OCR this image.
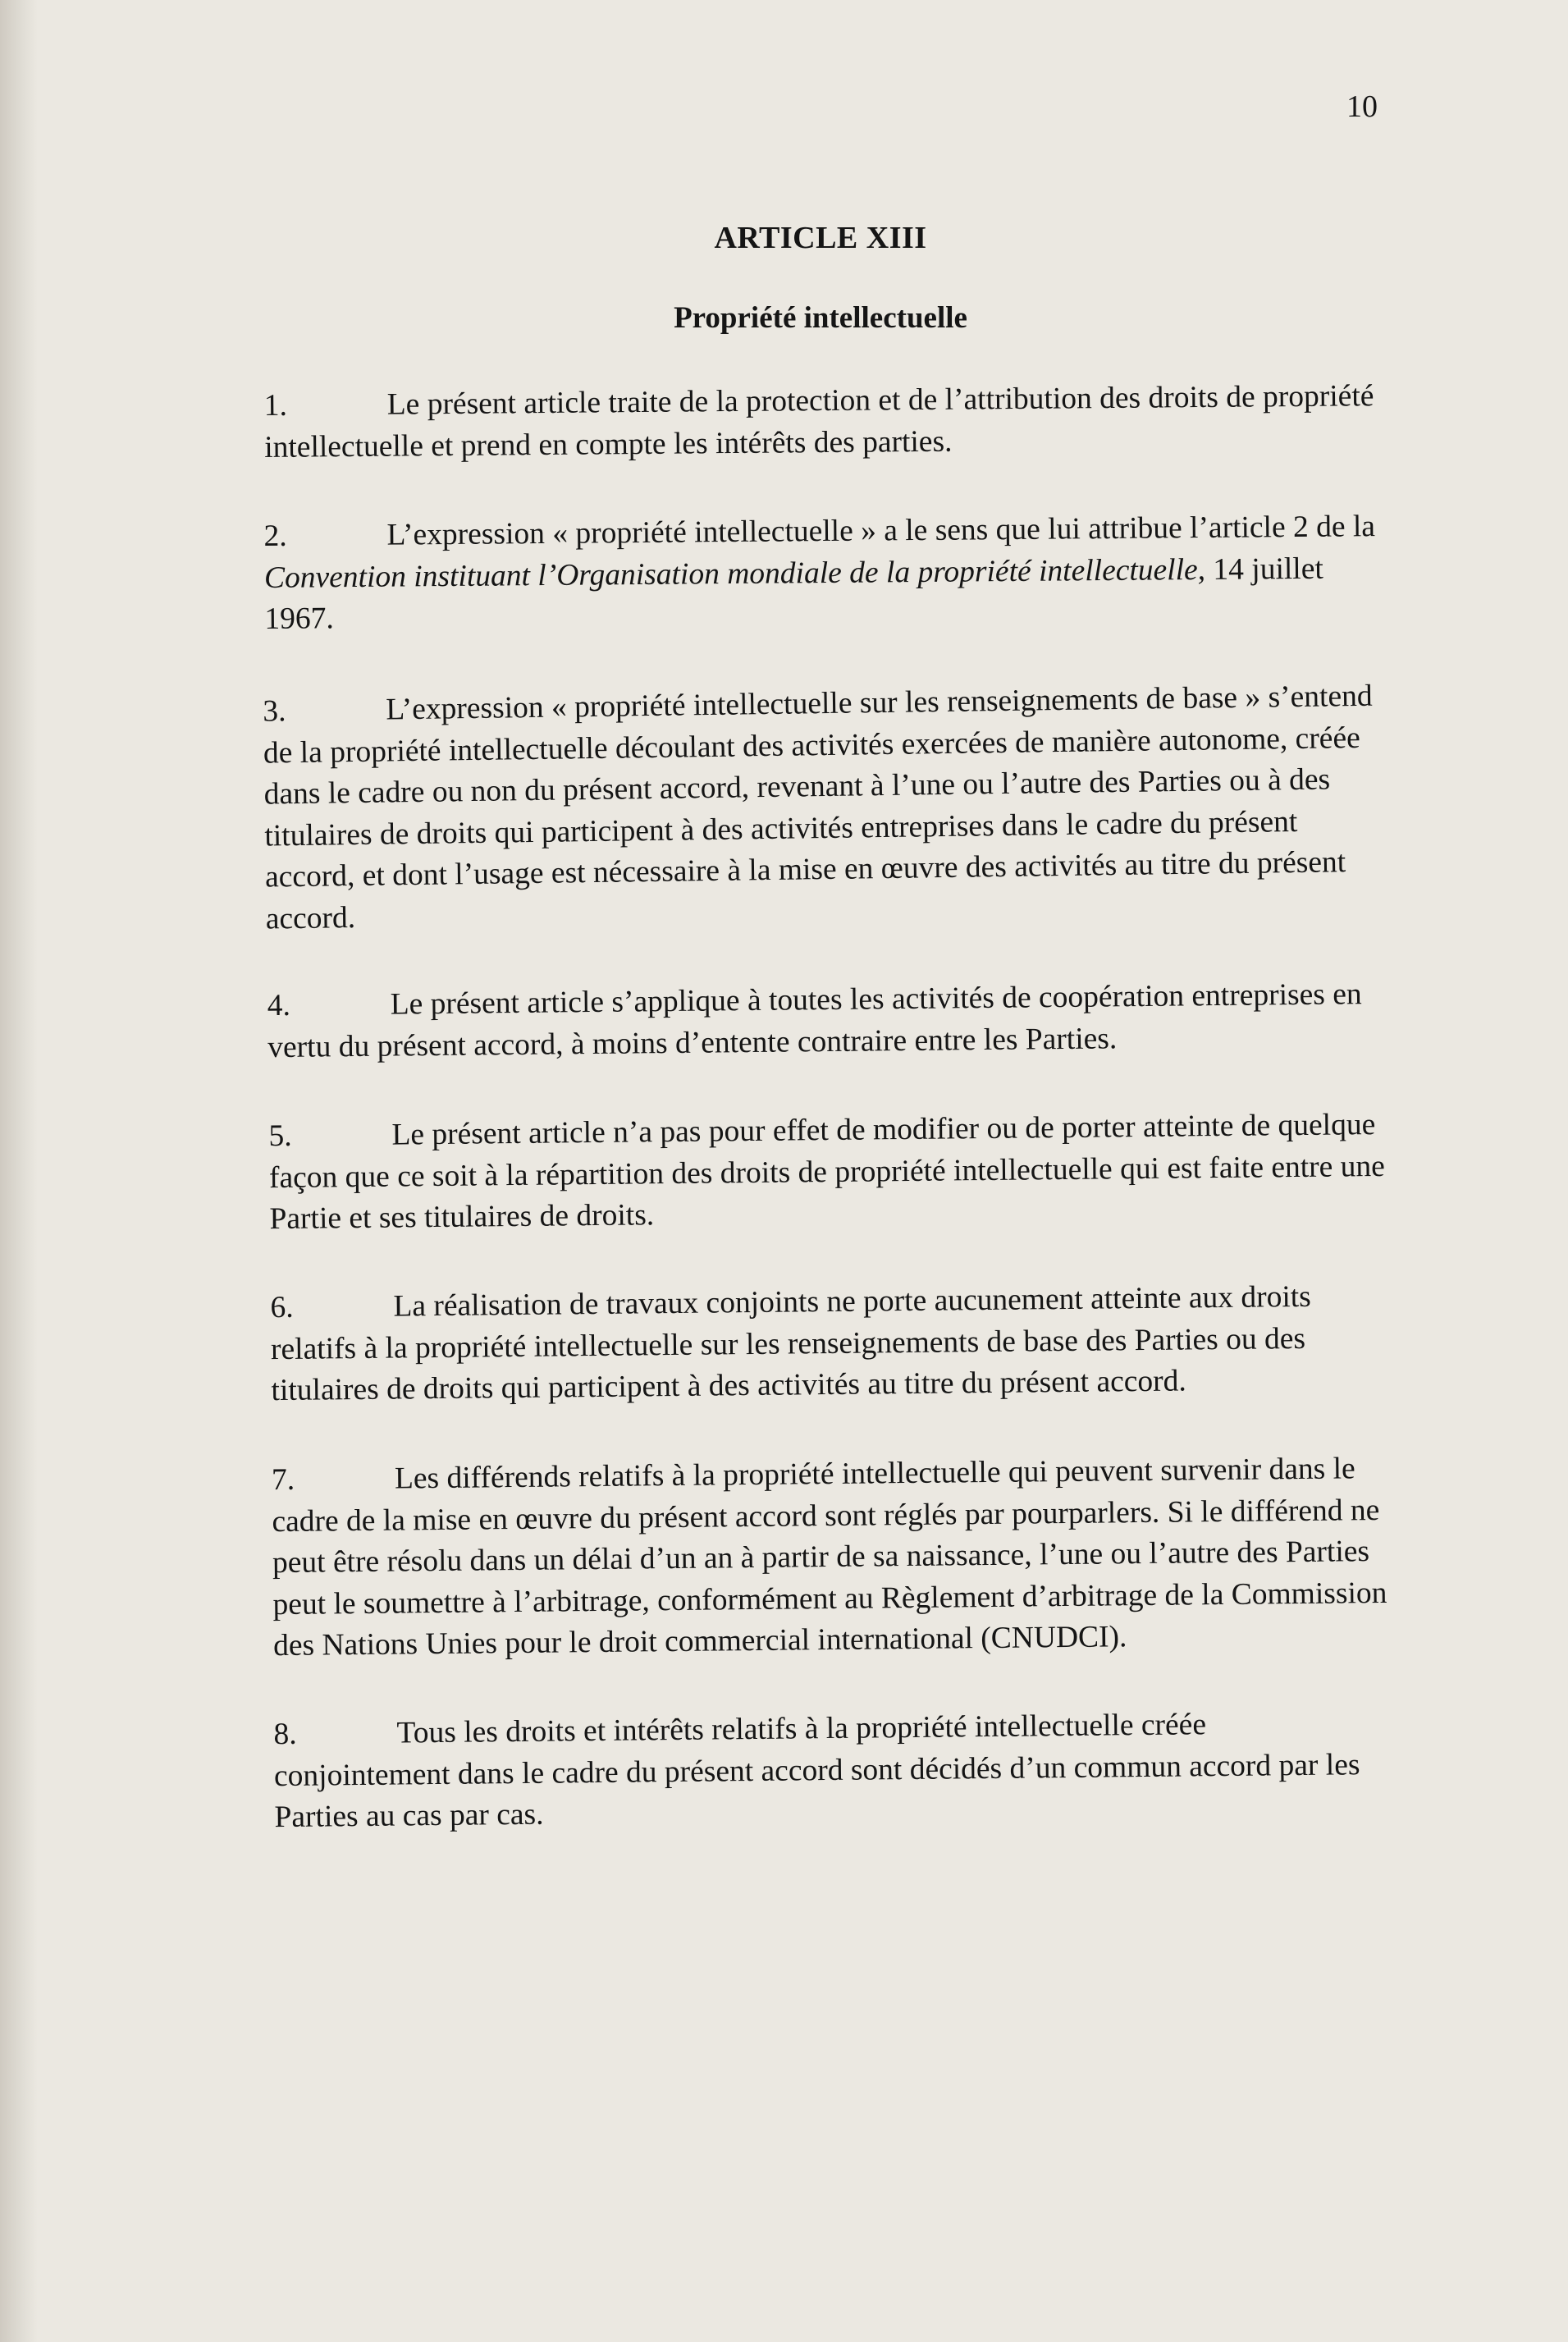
10
ARTICLE XIII
Propriété intellectuelle

1.	Le présent article traite de la protection et de l’attribution des droits de propriété intellectuelle et prend en compte les intérêts des parties.

2.	L’expression « propriété intellectuelle » a le sens que lui attribue l’article 2 de la Convention instituant l’Organisation mondiale de la propriété intellectuelle, 14 juillet 1967.

3.	L’expression « propriété intellectuelle sur les renseignements de base » s’entend de la propriété intellectuelle découlant des activités exercées de manière autonome, créée dans le cadre ou non du présent accord, revenant à l’une ou l’autre des Parties ou à des titulaires de droits qui participent à des activités entreprises dans le cadre du présent accord, et dont l’usage est nécessaire à la mise en œuvre des activités au titre du présent accord.

4.	Le présent article s’applique à toutes les activités de coopération entreprises en vertu du présent accord, à moins d’entente contraire entre les Parties.

5.	Le présent article n’a pas pour effet de modifier ou de porter atteinte de quelque façon que ce soit à la répartition des droits de propriété intellectuelle qui est faite entre une Partie et ses titulaires de droits.

6.	La réalisation de travaux conjoints ne porte aucunement atteinte aux droits relatifs à la propriété intellectuelle sur les renseignements de base des Parties ou des titulaires de droits qui participent à des activités au titre du présent accord.

7.	Les différends relatifs à la propriété intellectuelle qui peuvent survenir dans le cadre de la mise en œuvre du présent accord sont réglés par pourparlers. Si le différend ne peut être résolu dans un délai d’un an à partir de sa naissance, l’une ou l’autre des Parties peut le soumettre à l’arbitrage, conformément au Règlement d’arbitrage de la Commission des Nations Unies pour le droit commercial international (CNUDCI).

8.	Tous les droits et intérêts relatifs à la propriété intellectuelle créée conjointement dans le cadre du présent accord sont décidés d’un commun accord par les Parties au cas par cas.
